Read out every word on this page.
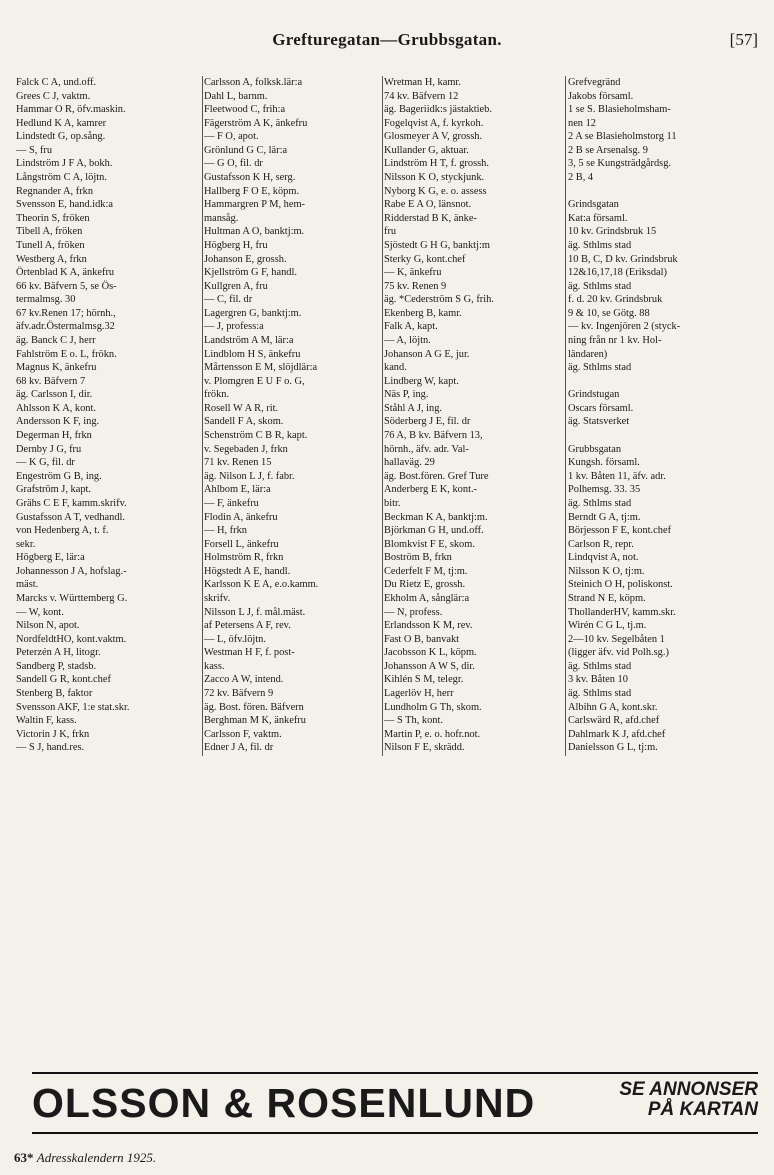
Grefturegatan—Grubbsgatan.	[57]
Falck C A, und.off.
Grees C J, vaktm.
Hammar O R, öfv.maskin.
Hedlund K A, kamrer
Lindstedt G, op.sång.
— S, fru
Lindström J F A, bokh.
Långström C A, löjtn.
Regnander A, frkn
Svensson E, hand.idk:a
Theorin S, fröken
Tibell A, fröken
Tunell A, fröken
Westberg A, frkn
Örtenblad K A, änkefru
66 kv. Bäfvern 5, se Ös-
termalmsg. 30
67 kv.Renen 17; hörnh.,
äfv.adr.Östermalmsg.32
äg. Banck C J, herr
Fahlström E o. L, frökn.
Magnus K, änkefru
68 kv. Bäfvern 7
äg. Carlsson I, dir.
Ahlsson K A, kont.
Andersson K F, ing.
Degerman H, frkn
Dernby J G, fru
— K G, fil. dr
Engeström G B, ing.
Grafström J, kapt.
Grähs C E F, kamm.skrifv.
Gustafsson A T, vedhandl.
von Hedenberg A, t. f.
sekr.
Högberg E, lär:a
Johannesson J A, hofslag.-
mäst.
Marcks v. Württemberg G.
— W, kont.
Nilson N, apot.
NordfeldtHO, kont.vaktm.
Peterzén A H, litogr.
Sandberg P, stadsb.
Sandell G R, kont.chef
Stenberg B, faktor
Svensson AKF, 1:e stat.skr.
Waltin F, kass.
Victorin J K, frkn
— S J, hand.res.
Carlsson A, folksk.lär:a
Dahl L, barnm.
Fleetwood C, frih:a
Fägerström A K, änkefru
— F O, apot.
Grönlund G C, lär:a
— G O, fil. dr
Gustafsson K H, serg.
Hallberg F O E, köpm.
Hammargren P M, hem-
mansåg.
Hultman A O, banktj:m.
Högberg H, fru
Johanson E, grossh.
Kjellström G F, handl.
Kullgren A, fru
— C, fil. dr
Lagergren G, banktj:m.
— J, profess:a
Landström A M, lär:a
Lindblom H S, änkefru
Mårtensson E M, slöjdlär:a
v. Plomgren E U F o. G,
frökn.
Rosell W A R, rit.
Sandell F A, skom.
Schenström C B R, kapt.
v. Segebaden J, frkn
71 kv. Renen 15
äg. Nilson L J, f. fabr.
Ahlbom E, lär:a
— F, änkefru
Flodin A, änkefru
— H, frkn
Forsell L, änkefru
Holmström R, frkn
Högstedt A E, handl.
Karlsson K E A, e.o.kamm.
skrifv.
Nilsson L J, f. mål.mäst.
af Petersens A F, rev.
— L, öfv.löjtn.
Westman H F, f. post-
kass.
Zacco A W, intend.
72 kv. Bäfvern 9
äg. Bost. fören. Bäfvern
Berghman M K, änkefru
Carlsson F, vaktm.
Edner J A, fil. dr
Wretman H, kamr.
74 kv. Bäfvern 12
äg. Bageriidk:s jästaktieb.
Fogelqvist A, f. kyrkoh.
Glosmeyer A V, grossh.
Kullander G, aktuar.
Lindström H T, f. grossh.
Nilsson K O, styckjunk.
Nyborg K G, e. o. assess
Rabe E A O, länsnot.
Ridderstad B K, änke-
fru
Sjöstedt G H G, banktj:m
Sterky G, kont.chef
— K, änkefru
75 kv. Renen 9
äg. *Cederström S G, frih.
Ekenberg B, kamr.
Falk A, kapt.
— A, löjtn.
Johanson A G E, jur.
kand.
Lindberg W, kapt.
Näs P, ing.
Ståhl A J, ing.
Söderberg J E, fil. dr
76 A, B kv. Bäfvern 13,
hörnh., äfv. adr. Val-
hallaväg. 29
äg. Bost.fören. Gref Ture
Anderberg E K, kont.-
bitr.
Beckman K A, banktj:m.
Björkman G H, und.off.
Blomkvist F E, skom.
Boström B, frkn
Cederfelt F M, tj:m.
Du Rietz E, grossh.
Ekholm A, sånglär:a
— N, profess.
Erlandsson K M, rev.
Fast O B, banvakt
Jacobsson K L, köpm.
Johansson A W S, dir.
Kihlén S M, telegr.
Lagerlöv H, herr
Lundholm G Th, skom.
— S Th, kont.
Martin P, e. o. hofr.not.
Nilson F E, skrädd.
Grefvegränd
Jakobs församl.
1 se S. Blasieholmsham-
nen 12
2 A se Blasieholmstorg 11
2 B se Arsenalsg. 9
3, 5 se Kungsträdgårdsg.
2 B, 4

Grindsgatan
Kat:a församl.
10 kv. Grindsbruk 15
äg. Sthlms stad
10 B, C, D kv. Grindsbruk
12&16,17,18 (Eriksdal)
äg. Sthlms stad
f. d. 20 kv. Grindsbruk
9 & 10, se Götg. 88
— kv. Ingenjören 2 (styck-
ning från nr 1 kv. Hol-
ländaren)
äg. Sthlms stad

Grindstugan
Oscars församl.
äg. Statsverket

Grubbsgatan
Kungsh. församl.
1 kv. Båten 11, äfv. adr.
Polhemsg. 33. 35
äg. Sthlms stad
Berndt G A, tj:m.
Börjesson F E, kont.chef
Carlson R, repr.
Lindqvist A, not.
Nilsson K O, tj:m.
Steinich O H, poliskonst.
Strand N E, köpm.
ThollanderHV, kamm.skr.
Wirén C G L, tj.m.
2—10 kv. Segelbåten 1
(ligger äfv. vid Polh.sg.)
äg. Sthlms stad
3 kv. Båten 10
äg. Sthlms stad
Albihn G A, kont.skr.
Carlswärd R, afd.chef
Dahlmark K J, afd.chef
Danielsson G L, tj:m.
OLSSON & ROSENLUND	SE ANNONSER
PÅ KARTAN
63* Adresskalendern 1925.
